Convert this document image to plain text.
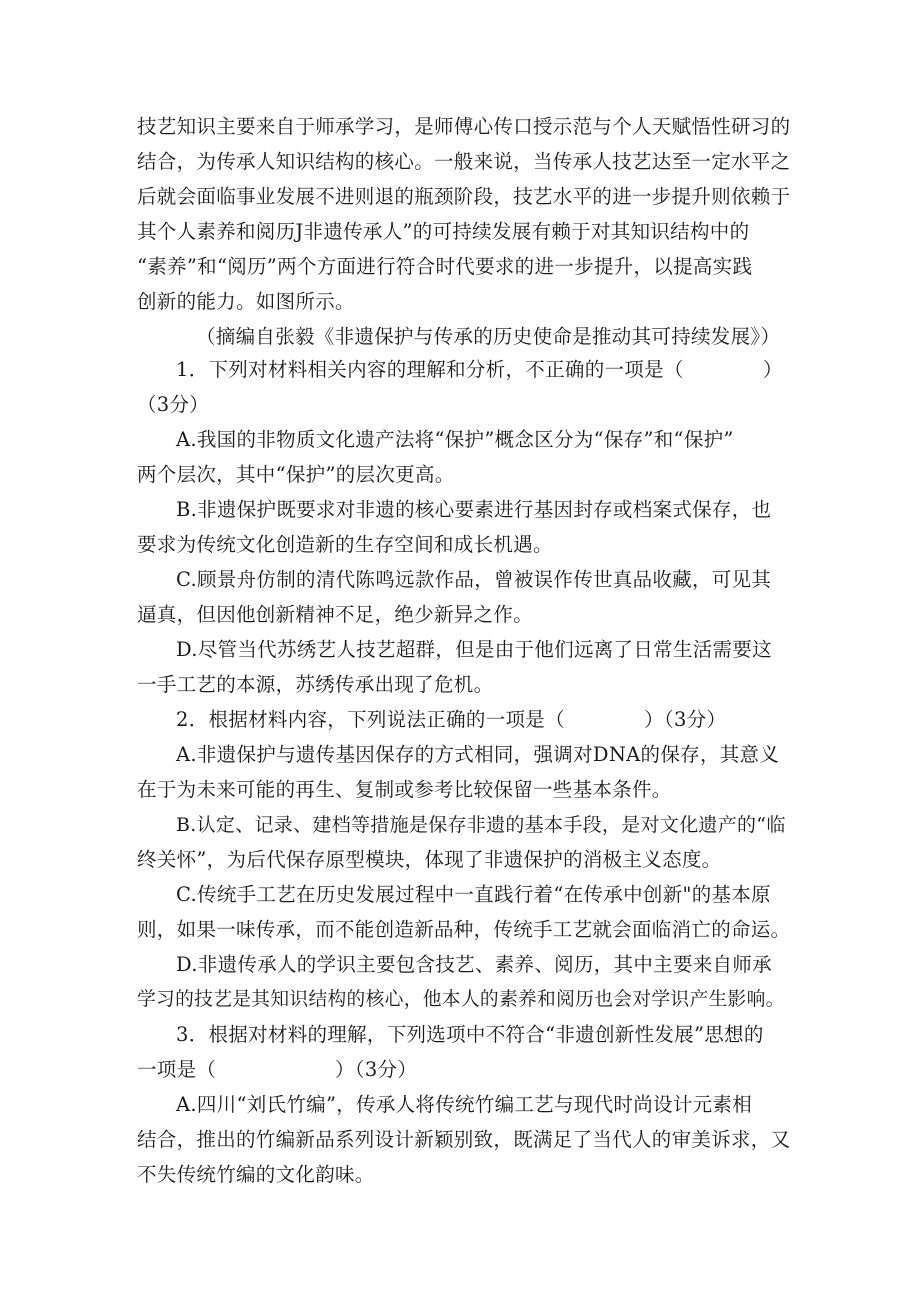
技艺知识主要来自于师承学习，是师傅心传口授示范与个人天赋悟性研习的
结合，为传承人知识结构的核心。一般来说，当传承人技艺达至一定水平之
后就会面临事业发展不进则退的瓶颈阶段，技艺水平的进一步提升则依赖于
其个人素养和阅历J非遗传承人”的可持续发展有赖于对其知识结构中的
“素养”和“阅历”两个方面进行符合时代要求的进一步提升，以提高实践
创新的能力。如图所示。
（摘编自张毅《非遗保护与传承的历史使命是推动其可持续发展》）
1．下列对材料相关内容的理解和分析，不正确的一项是（　　　　）
（3分）
A.我国的非物质文化遗产法将“保护”概念区分为“保存”和“保护”
两个层次，其中“保护”的层次更高。
B.非遗保护既要求对非遗的核心要素进行基因封存或档案式保存，也
要求为传统文化创造新的生存空间和成长机遇。
C.顾景舟仿制的清代陈鸣远款作品，曾被误作传世真品收藏，可见其
逼真，但因他创新精神不足，绝少新异之作。
D.尽管当代苏绣艺人技艺超群，但是由于他们远离了日常生活需要这
一手工艺的本源，苏绣传承出现了危机。
2．根据材料内容，下列说法正确的一项是（　　　　）（3分）
A.非遗保护与遗传基因保存的方式相同，强调对DNA的保存，其意义
在于为未来可能的再生、复制或参考比较保留一些基本条件。
B.认定、记录、建档等措施是保存非遗的基本手段，是对文化遗产的“临
终关怀”，为后代保存原型模块，体现了非遗保护的消极主义态度。
C.传统手工艺在历史发展过程中一直践行着“在传承中创新"的基本原
则，如果一味传承，而不能创造新品种，传统手工艺就会面临消亡的命运。
D.非遗传承人的学识主要包含技艺、素养、阅历，其中主要来自师承
学习的技艺是其知识结构的核心，他本人的素养和阅历也会对学识产生影响。
3．根据对材料的理解，下列选项中不符合“非遗创新性发展”思想的
一项是（　　　　　　）（3分）
A.四川“刘氏竹编”，传承人将传统竹编工艺与现代时尚设计元素相
结合，推出的竹编新品系列设计新颖别致，既满足了当代人的审美诉求，又
不失传统竹编的文化韵味。
